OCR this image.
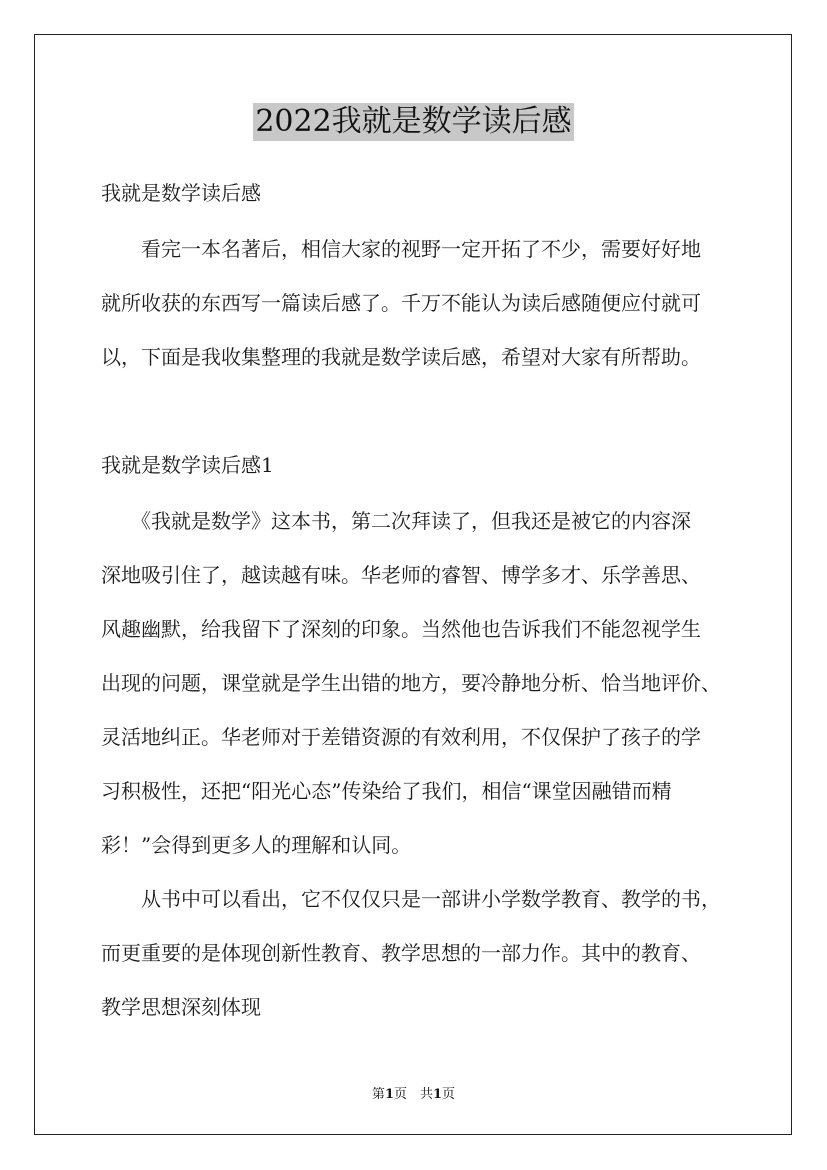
2022我就是数学读后感
我就是数学读后感
　　看完一本名著后，相信大家的视野一定开拓了不少，需要好好地
就所收获的东西写一篇读后感了。千万不能认为读后感随便应付就可
以，下面是我收集整理的我就是数学读后感，希望对大家有所帮助。
我就是数学读后感1
　　《我就是数学》这本书，第二次拜读了，但我还是被它的内容深
深地吸引住了，越读越有味。华老师的睿智、博学多才、乐学善思、
风趣幽默，给我留下了深刻的印象。当然他也告诉我们不能忽视学生
出现的问题，课堂就是学生出错的地方，要冷静地分析、恰当地评价、
灵活地纠正。华老师对于差错资源的有效利用，不仅保护了孩子的学
习积极性，还把“阳光心态”传染给了我们，相信“课堂因融错而精
彩！”会得到更多人的理解和认同。
　　从书中可以看出，它不仅仅只是一部讲小学数学教育、教学的书，
而更重要的是体现创新性教育、教学思想的一部力作。其中的教育、
教学思想深刻体现
第1页　共1页
